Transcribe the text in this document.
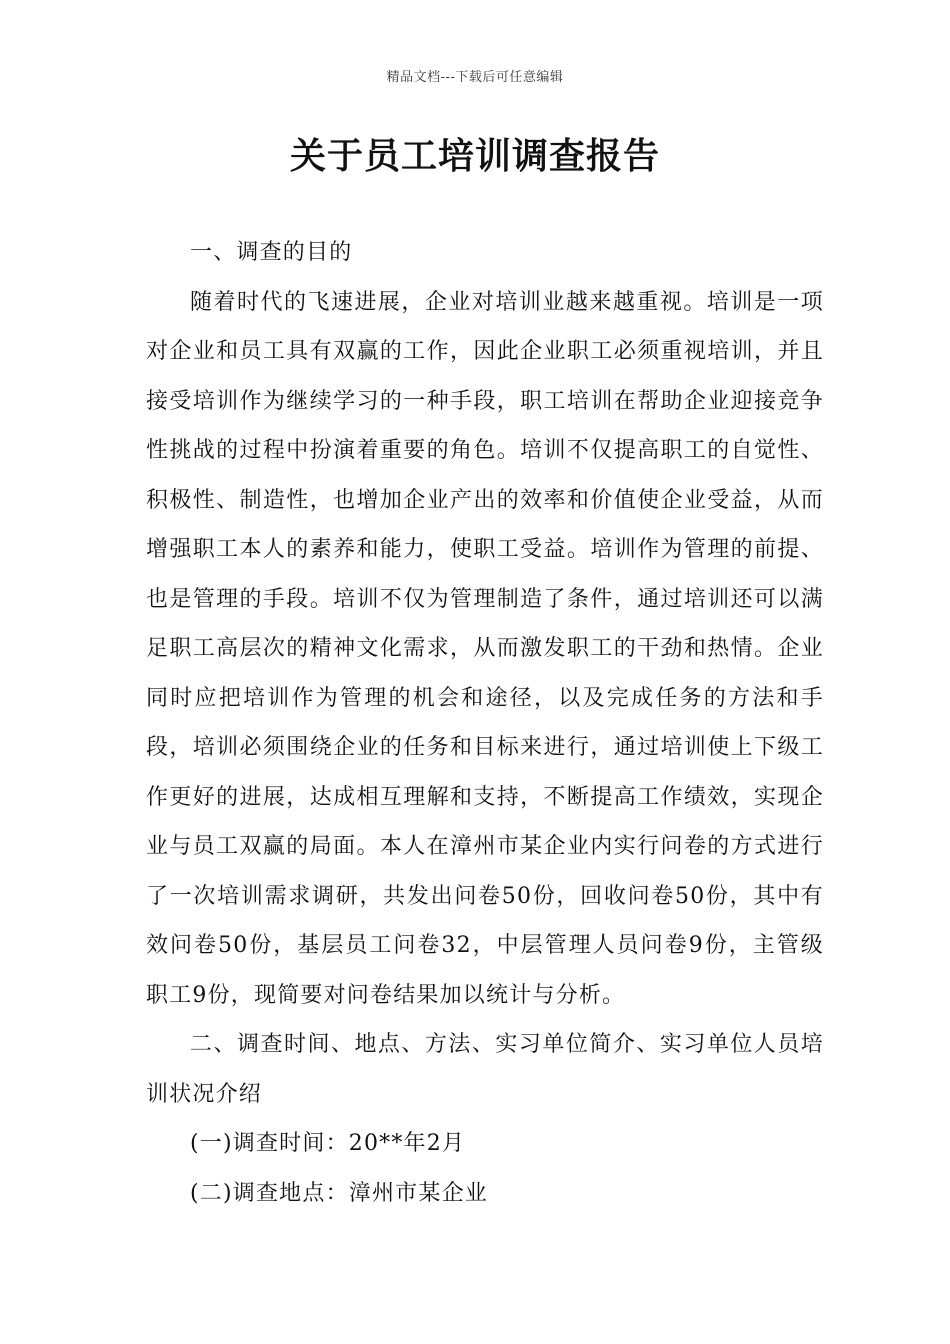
精品文档---下载后可任意编辑
关于员工培训调查报告

一、调查的目的

随着时代的飞速进展，企业对培训业越来越重视。培训是一项对企业和员工具有双赢的工作，因此企业职工必须重视培训，并且接受培训作为继续学习的一种手段，职工培训在帮助企业迎接竞争性挑战的过程中扮演着重要的角色。培训不仅提高职工的自觉性、积极性、制造性，也增加企业产出的效率和价值使企业受益，从而增强职工本人的素养和能力，使职工受益。培训作为管理的前提、也是管理的手段。培训不仅为管理制造了条件，通过培训还可以满足职工高层次的精神文化需求，从而激发职工的干劲和热情。企业同时应把培训作为管理的机会和途径，以及完成任务的方法和手段，培训必须围绕企业的任务和目标来进行，通过培训使上下级工作更好的进展，达成相互理解和支持，不断提高工作绩效，实现企业与员工双赢的局面。本人在漳州市某企业内实行问卷的方式进行了一次培训需求调研，共发出问卷50份，回收问卷50份，其中有效问卷50份，基层员工问卷32，中层管理人员问卷9份，主管级职工9份，现简要对问卷结果加以统计与分析。

二、调查时间、地点、方法、实习单位简介、实习单位人员培训状况介绍

(一)调查时间：20**年2月

(二)调查地点：漳州市某企业
